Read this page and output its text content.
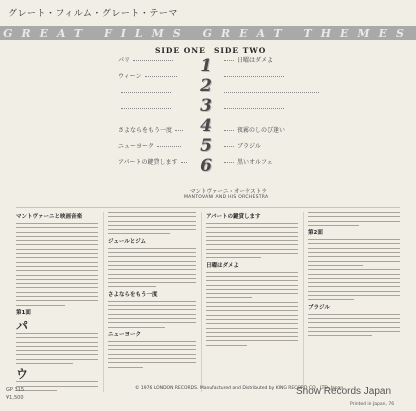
グレート・フィルム・グレート・テーマ
GREAT FILMS GREAT THEMES
SIDE ONE SIDE TWO
1
2
3
4
5
6
パリ
ウィーン
さよならをもう一度
ニューヨーク
アパートの鍵貸します
日曜はダメよ
夜霧のしのび逢い
ブラジル
黒いオルフェ
マントヴァーニ・オーケストラ
MANTOVANI AND HIS ORCHESTRA
マントヴァーニと映画音楽
第1面
パ
ウ
ジュールとジム
さよならをもう一度
ニューヨーク
アパートの鍵貸します
日曜はダメよ
第2面
ブラジル
GP 315
¥1,500
© 1976 LONDON RECORDS. Manufactured and Distributed by KING RECORD CO., LTD. Japan
Snow Records Japan
Printed in Japan, 76
